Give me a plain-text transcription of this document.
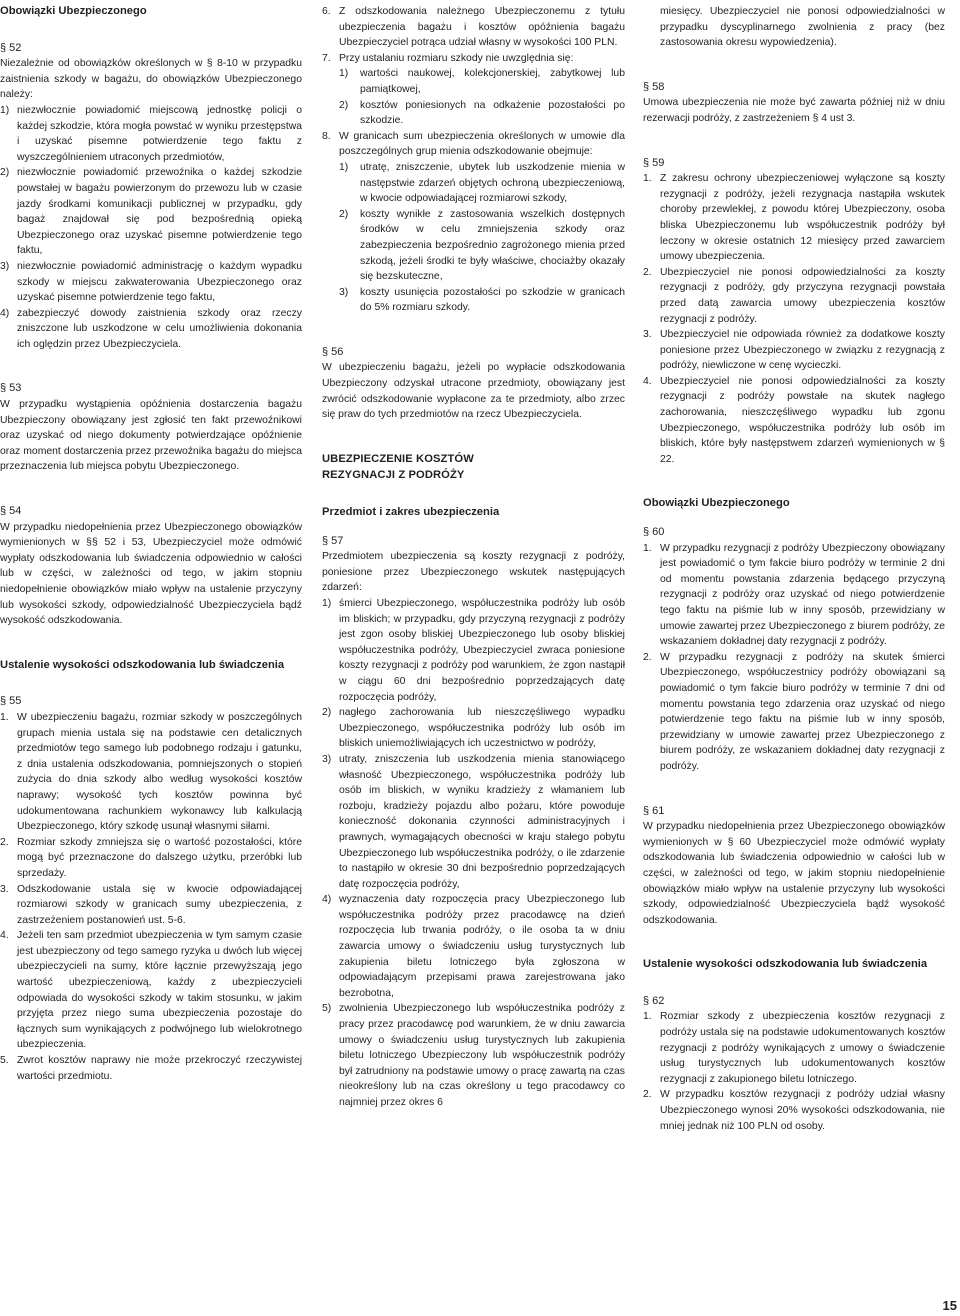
Obowiązki Ubezpieczonego
§ 52

Niezależnie od obowiązków określonych w § 8-10 w przypadku zaistnienia szkody w bagażu, do obowiązków Ubezpieczonego należy:

1) niezwłocznie powiadomić miejscową jednostkę policji o każdej szkodzie, która mogła powstać w wyniku przestępstwa i uzyskać pisemne potwierdzenie tego faktu z wyszczególnieniem utraconych przedmiotów,
2) niezwłocznie powiadomić przewoźnika o każdej szkodzie powstałej w bagażu powierzonym do przewozu lub w czasie jazdy środkami komunikacji publicznej w przypadku, gdy bagaż znajdował się pod bezpośrednią opieką Ubezpieczonego oraz uzyskać pisemne potwierdzenie tego faktu,
3) niezwłocznie powiadomić administrację o każdym wypadku szkody w miejscu zakwaterowania Ubezpieczonego oraz uzyskać pisemne potwierdzenie tego faktu,
4) zabezpieczyć dowody zaistnienia szkody oraz rzeczy zniszczone lub uszkodzone w celu umożliwienia dokonania ich oględzin przez Ubezpieczyciela.
§ 53

W przypadku wystąpienia opóźnienia dostarczenia bagażu Ubezpieczony obowiązany jest zgłosić ten fakt przewoźnikowi oraz uzyskać od niego dokumenty potwierdzające opóźnienie oraz moment dostarczenia przez przewoźnika bagażu do miejsca przeznaczenia lub miejsca pobytu Ubezpieczonego.

§ 54

W przypadku niedopełnienia przez Ubezpieczonego obowiązków wymienionych w §§ 52 i 53, Ubezpieczyciel może odmówić wypłaty odszkodowania lub świadczenia odpowiednio w całości lub w części, w zależności od tego, w jakim stopniu niedopełnienie obowiązków miało wpływ na ustalenie przyczyny lub wysokości szkody, odpowiedzialność Ubezpieczyciela bądź wysokość odszkodowania.

Ustalenie wysokości odszkodowania lub świadczenia
§ 55
1. W ubezpieczeniu bagażu, rozmiar szkody w poszczególnych grupach mienia ustala się na podstawie cen detalicznych przedmiotów tego samego lub podobnego rodzaju i gatunku, z dnia ustalenia odszkodowania, pomniejszonych o stopień zużycia do dnia szkody albo według wysokości kosztów naprawy; wysokość tych kosztów powinna być udokumentowana rachunkiem wykonawcy lub kalkulacją Ubezpieczonego, który szkodę usunął własnymi siłami.
2. Rozmiar szkody zmniejsza się o wartość pozostałości, które mogą być przeznaczone do dalszego użytku, przeróbki lub sprzedaży.
3. Odszkodowanie ustala się w kwocie odpowiadającej rozmiarowi szkody w granicach sumy ubezpieczenia, z zastrzeżeniem postanowień ust. 5-6.
4. Jeżeli ten sam przedmiot ubezpieczenia w tym samym czasie jest ubezpieczony od tego samego ryzyka u dwóch lub więcej ubezpieczycieli na sumy, które łącznie przewyższają jego wartość ubezpieczeniową, każdy z ubezpieczycieli odpowiada do wysokości szkody w takim stosunku, w jakim przyjęta przez niego suma ubezpieczenia pozostaje do łącznych sum wynikających z podwójnego lub wielokrotnego ubezpieczenia.
5. Zwrot kosztów naprawy nie może przekroczyć rzeczywistej wartości przedmiotu.
6. Z odszkodowania należnego Ubezpieczonemu z tytułu ubezpieczenia bagażu i kosztów opóźnienia bagażu Ubezpieczyciel potrąca udział własny w wysokości 100 PLN.
7. Przy ustalaniu rozmiaru szkody nie uwzględnia się:
1) wartości naukowej, kolekcjonerskiej, zabytkowej lub pamiątkowej,
2) kosztów poniesionych na odkażenie pozostałości po szkodzie.
8. W granicach sum ubezpieczenia określonych w umowie dla poszczególnych grup mienia odszkodowanie obejmuje:
1) utratę, zniszczenie, ubytek lub uszkodzenie mienia w następstwie zdarzeń objętych ochroną ubezpieczeniową, w kwocie odpowiadającej rozmiarowi szkody,
2) koszty wynikłe z zastosowania wszelkich dostępnych środków w celu zmniejszenia szkody oraz zabezpieczenia bezpośrednio zagrożonego mienia przed szkodą, jeżeli środki te były właściwe, chociażby okazały się bezskuteczne,
3) koszty usunięcia pozostałości po szkodzie w granicach do 5% rozmiaru szkody.
§ 56

W ubezpieczeniu bagażu, jeżeli po wypłacie odszkodowania Ubezpieczony odzyskał utracone przedmioty, obowiązany jest zwrócić odszkodowanie wypłacone za te przedmioty, albo zrzec się praw do tych przedmiotów na rzecz Ubezpieczyciela.

UBEZPIECZENIE KOSZTÓW
REZYGNACJI Z PODRÓŻY
Przedmiot i zakres ubezpieczenia
§ 57

Przedmiotem ubezpieczenia są koszty rezygnacji z podróży, poniesione przez Ubezpieczonego wskutek następujących zdarzeń:

1) śmierci Ubezpieczonego, współuczestnika podróży lub osób im bliskich; w przypadku, gdy przyczyną rezygnacji z podróży jest zgon osoby bliskiej Ubezpieczonego lub osoby bliskiej współuczestnika podróży, Ubezpieczyciel zwraca poniesione koszty rezygnacji z podróży pod warunkiem, że zgon nastąpił w ciągu 60 dni bezpośrednio poprzedzających datę rozpoczęcia podróży,
2) nagłego zachorowania lub nieszczęśliwego wypadku Ubezpieczonego, współuczestnika podróży lub osób im bliskich uniemożliwiających ich uczestnictwo w podróży,
3) utraty, zniszczenia lub uszkodzenia mienia stanowiącego własność Ubezpieczonego, współuczestnika podróży lub osób im bliskich, w wyniku kradzieży z włamaniem lub rozboju, kradzieży pojazdu albo pożaru, które powoduje konieczność dokonania czynności administracyjnych i prawnych, wymagających obecności w kraju stałego pobytu Ubezpieczonego lub współuczestnika podróży, o ile zdarzenie to nastąpiło w okresie 30 dni bezpośrednio poprzedzających datę rozpoczęcia podróży,
4) wyznaczenia daty rozpoczęcia pracy Ubezpieczonego lub współuczestnika podróży przez pracodawcę na dzień rozpoczęcia lub trwania podróży, o ile osoba ta w dniu zawarcia umowy o świadczeniu usług turystycznych lub zakupienia biletu lotniczego była zgłoszona w odpowiadającym przepisami prawa zarejestrowana jako bezrobotna,
5) zwolnienia Ubezpieczonego lub współuczestnika podróży z pracy przez pracodawcę pod warunkiem, że w dniu zawarcia umowy o świadczeniu usług turystycznych lub zakupienia biletu lotniczego Ubezpieczony lub współuczestnik podróży był zatrudniony na podstawie umowy o pracę zawartą na czas nieokreślony lub na czas określony u tego pracodawcy co najmniej przez okres 6

miesięcy. Ubezpieczyciel nie ponosi odpowiedzialności w przypadku dyscyplinarnego zwolnienia z pracy (bez zastosowania okresu wypowiedzenia).

§ 58

Umowa ubezpieczenia nie może być zawarta później niż w dniu rezerwacji podróży, z zastrzeżeniem § 4 ust 3.

§ 59
1. Z zakresu ochrony ubezpieczeniowej wyłączone są koszty rezygnacji z podróży, jeżeli rezygnacja nastąpiła wskutek choroby przewlekłej, z powodu której Ubezpieczony, osoba bliska Ubezpieczonemu lub współuczestnik podróży był leczony w okresie ostatnich 12 miesięcy przed zawarciem umowy ubezpieczenia.
2. Ubezpieczyciel nie ponosi odpowiedzialności za koszty rezygnacji z podróży, gdy przyczyna rezygnacji powstała przed datą zawarcia umowy ubezpieczenia kosztów rezygnacji z podróży.
3. Ubezpieczyciel nie odpowiada również za dodatkowe koszty poniesione przez Ubezpieczonego w związku z rezygnacją z podróży, niewliczone w cenę wycieczki.
4. Ubezpieczyciel nie ponosi odpowiedzialności za koszty rezygnacji z podróży powstałe na skutek nagłego zachorowania, nieszczęśliwego wypadku lub zgonu Ubezpieczonego, współuczestnika podróży lub osób im bliskich, które były następstwem zdarzeń wymienionych w § 22.
Obowiązki Ubezpieczonego
§ 60
1. W przypadku rezygnacji z podróży Ubezpieczony obowiązany jest powiadomić o tym fakcie biuro podróży w terminie 2 dni od momentu powstania zdarzenia będącego przyczyną rezygnacji z podróży oraz uzyskać od niego potwierdzenie tego faktu na piśmie lub w inny sposób, przewidziany w umowie zawartej przez Ubezpieczonego z biurem podróży, ze wskazaniem dokładnej daty rezygnacji z podróży.
2. W przypadku rezygnacji z podróży na skutek śmierci Ubezpieczonego, współuczestnicy podróży obowiązani są powiadomić o tym fakcie biuro podróży w terminie 7 dni od momentu powstania tego zdarzenia oraz uzyskać od niego potwierdzenie tego faktu na piśmie lub w inny sposób, przewidziany w umowie zawartej przez Ubezpieczonego z biurem podróży, ze wskazaniem dokładnej daty rezygnacji z podróży.
§ 61

W przypadku niedopełnienia przez Ubezpieczonego obowiązków wymienionych w § 60 Ubezpieczyciel może odmówić wypłaty odszkodowania lub świadczenia odpowiednio w całości lub w części, w zależności od tego, w jakim stopniu niedopełnienie obowiązków miało wpływ na ustalenie przyczyny lub wysokości szkody, odpowiedzialność Ubezpieczyciela bądź wysokość odszkodowania.

Ustalenie wysokości odszkodowania lub świadczenia
§ 62
1. Rozmiar szkody z ubezpieczenia kosztów rezygnacji z podróży ustala się na podstawie udokumentowanych kosztów rezygnacji z podróży wynikających z umowy o świadczenie usług turystycznych lub udokumentowanych kosztów rezygnacji z zakupionego biletu lotniczego.
2. W przypadku kosztów rezygnacji z podróży udział własny Ubezpieczonego wynosi 20% wysokości odszkodowania, nie mniej jednak niż 100 PLN od osoby.
15
